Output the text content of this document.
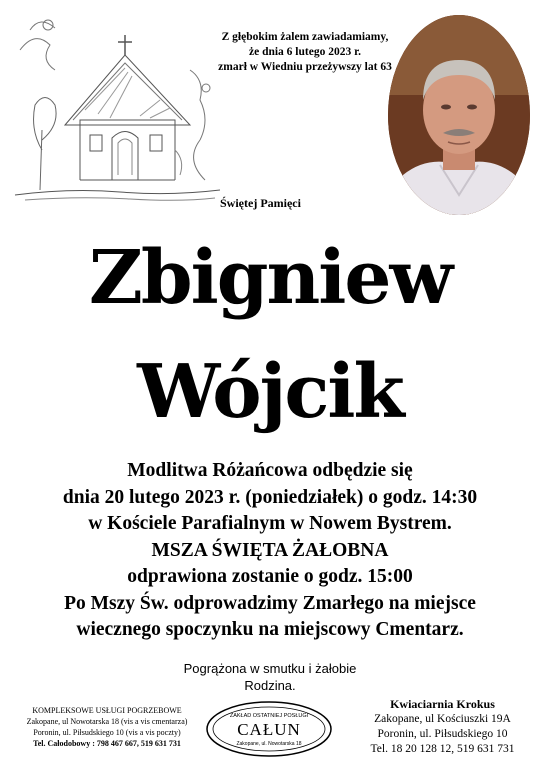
Z głębokim żalem zawiadamiamy,
że dnia 6 lutego 2023 r.
zmarł w Wiedniu przeżywszy lat 63
Świętej Pamięci
Zbigniew
Wójcik
Modlitwa Różańcowa odbędzie się
dnia 20 lutego 2023 r. (poniedziałek) o godz. 14:30
w Kościele Parafialnym w Nowem Bystrem.
MSZA ŚWIĘTA ŻAŁOBNA
odprawiona zostanie o godz. 15:00
Po Mszy Św. odprowadzimy Zmarłego na miejsce
wiecznego spoczynku na miejscowy Cmentarz.
Pogrążona w smutku i żałobie
Rodzina.
KOMPLEKSOWE USŁUGI POGRZEBOWE
Zakopane, ul Nowotarska 18 (vis a vis cmentarza)
Poronin, ul. Piłsudskiego 10 (vis a vis poczty)
Tel. Całodobowy : 798 467 667, 519 631 731
ZAKŁAD OSTATNIEJ POSŁUGI
CAŁUN
Zakopane, ul. Nowotarska 18
Kwiaciarnia Krokus
Zakopane, ul Kościuszki 19A
Poronin, ul. Piłsudskiego 10
Tel. 18 20 128 12, 519 631 731
